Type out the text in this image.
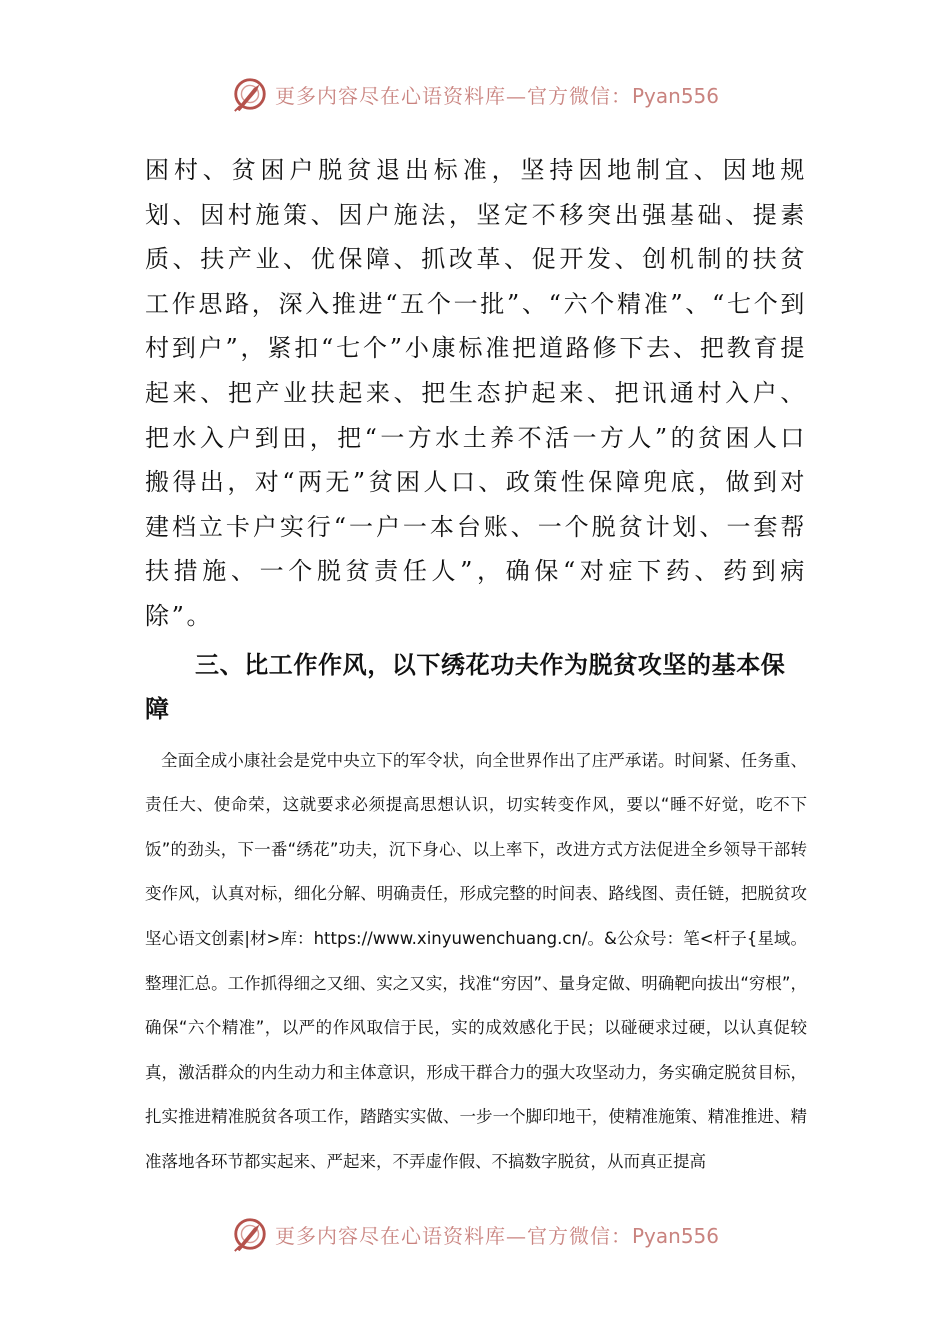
更多内容尽在心语资料库—官方微信：Pyan556

困村、贫困户脱贫退出标准，坚持因地制宜、因地规划、因村施策、因户施法，坚定不移突出强基础、提素质、扶产业、优保障、抓改革、促开发、创机制的扶贫工作思路，深入推进“五个一批”、“六个精准”、“七个到村到户”，紧扣“七个”小康标准把道路修下去、把教育提起来、把产业扶起来、把生态护起来、把讯通村入户、把水入户到田，把“一方水土养不活一方人”的贫困人口搬得出，对“两无”贫困人口、政策性保障兜底，做到对建档立卡户实行“一户一本台账、一个脱贫计划、一套帮扶措施、一个脱贫责任人”，确保“对症下药、药到病除”。

三、比工作作风，以下绣花功夫作为脱贫攻坚的基本保障

全面全成小康社会是党中央立下的军令状，向全世界作出了庄严承诺。时间紧、任务重、责任大、使命荣，这就要求必须提高思想认识，切实转变作风，要以“睡不好觉，吃不下饭”的劲头，下一番“绣花”功夫，沉下身心、以上率下，改进方式方法促进全乡领导干部转变作风，认真对标，细化分解、明确责任，形成完整的时间表、路线图、责任链，把脱贫攻坚心语文创素|材>库：https://www.xinyuwenchuang.cn/。&公众号：笔<杆子{星域。整理汇总。工作抓得细之又细、实之又实，找准“穷因”、量身定做、明确靶向拔出“穷根”，确保“六个精准”，以严的作风取信于民，实的成效感化于民；以碰硬求过硬，以认真促较真，激活群众的内生动力和主体意识，形成干群合力的强大攻坚动力，务实确定脱贫目标，扎实推进精准脱贫各项工作，踏踏实实做、一步一个脚印地干，使精准施策、精准推进、精准落地各环节都实起来、严起来，不弄虚作假、不搞数字脱贫，从而真正提高

更多内容尽在心语资料库—官方微信：Pyan556
